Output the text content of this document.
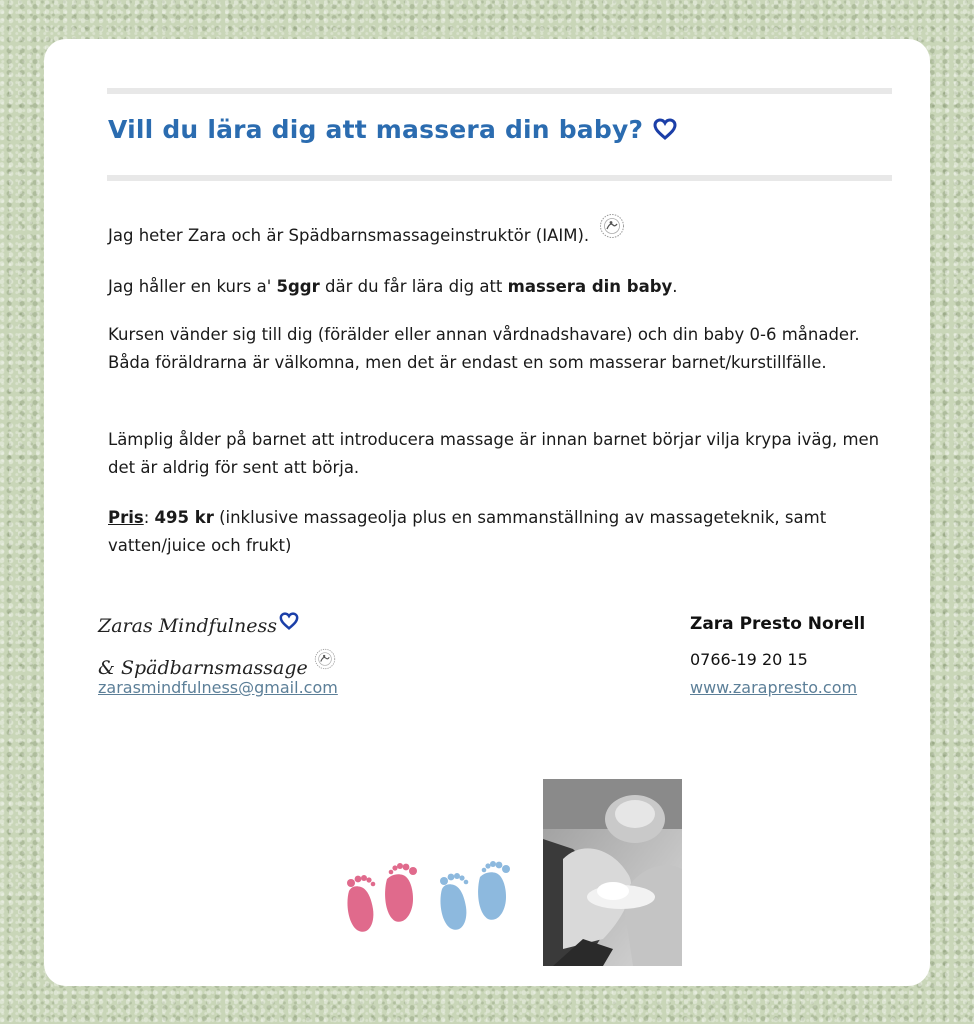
Vill du lära dig att massera din baby?

Jag heter Zara och är Spädbarnsmassageinstruktör (IAIM).

Jag håller en kurs a' 5ggr där du får lära dig att massera din baby.

Kursen vänder sig till dig (förälder eller annan vårdnadshavare) och din baby 0-6 månader. Båda föräldrarna är välkomna, men det är endast en som masserar barnet/kurstillfälle.

Lämplig ålder på barnet att introducera massage är innan barnet börjar vilja krypa iväg, men det är aldrig för sent att börja.

Pris: 495 kr (inklusive massageolja plus en sammanställning av massageteknik, samt vatten/juice och frukt)

Zaras Mindfulness
& Spädbarnsmassage
zarasmindfulness@gmail.com
Zara Presto Norell
0766-19 20 15
www.zarapresto.com
